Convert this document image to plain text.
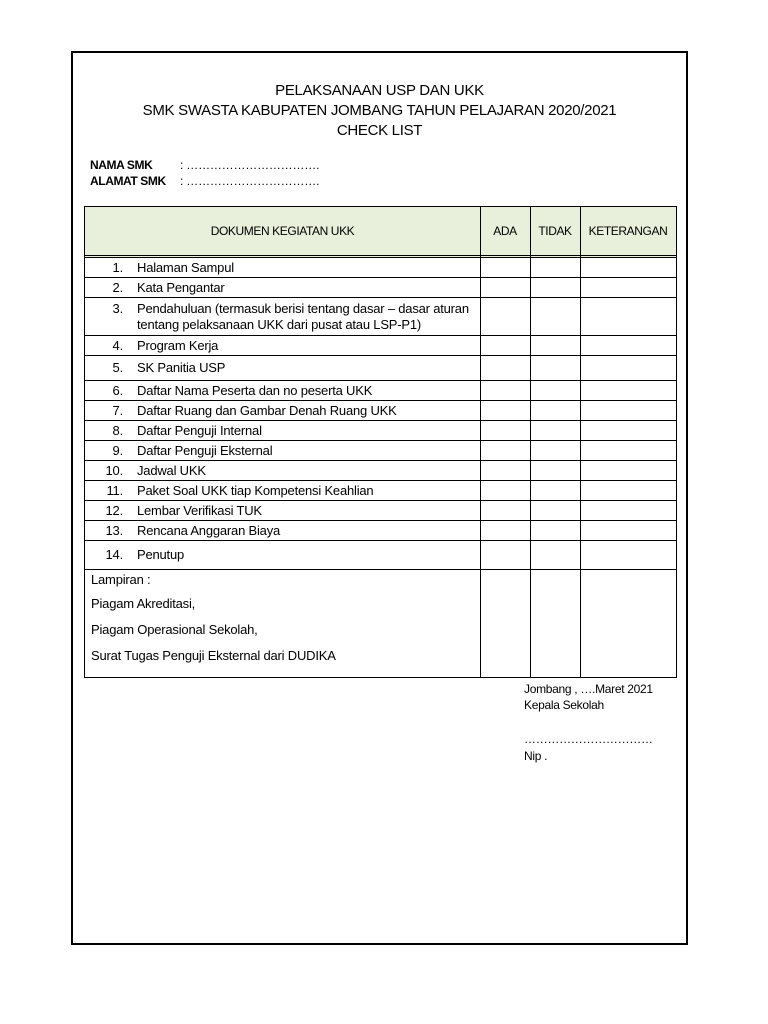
PELAKSANAAN USP DAN UKK
SMK SWASTA KABUPATEN JOMBANG TAHUN PELAJARAN 2020/2021
CHECK LIST
NAMA SMK	: …………………………….
ALAMAT SMK	: …………………………….
DOKUMEN KEGIATAN UKK	ADA	TIDAK	KETERANGAN
1. Halaman Sampul
2. Kata Pengantar
3. Pendahuluan (termasuk berisi tentang dasar – dasar aturan
tentang pelaksanaan UKK dari pusat atau LSP-P1)
4. Program Kerja
5. SK Panitia USP
6. Daftar Nama Peserta dan no peserta UKK
7. Daftar Ruang dan Gambar Denah Ruang UKK
8. Daftar Penguji Internal
9. Daftar Penguji Eksternal
10. Jadwal UKK
11. Paket Soal UKK tiap Kompetensi Keahlian
12. Lembar Verifikasi TUK
13. Rencana Anggaran Biaya
14. Penutup
Lampiran :
Piagam Akreditasi,
Piagam Operasional Sekolah,
Surat Tugas Penguji Eksternal dari DUDIKA
Jombang , ….Maret 2021
Kepala Sekolah
……………………………
Nip .
